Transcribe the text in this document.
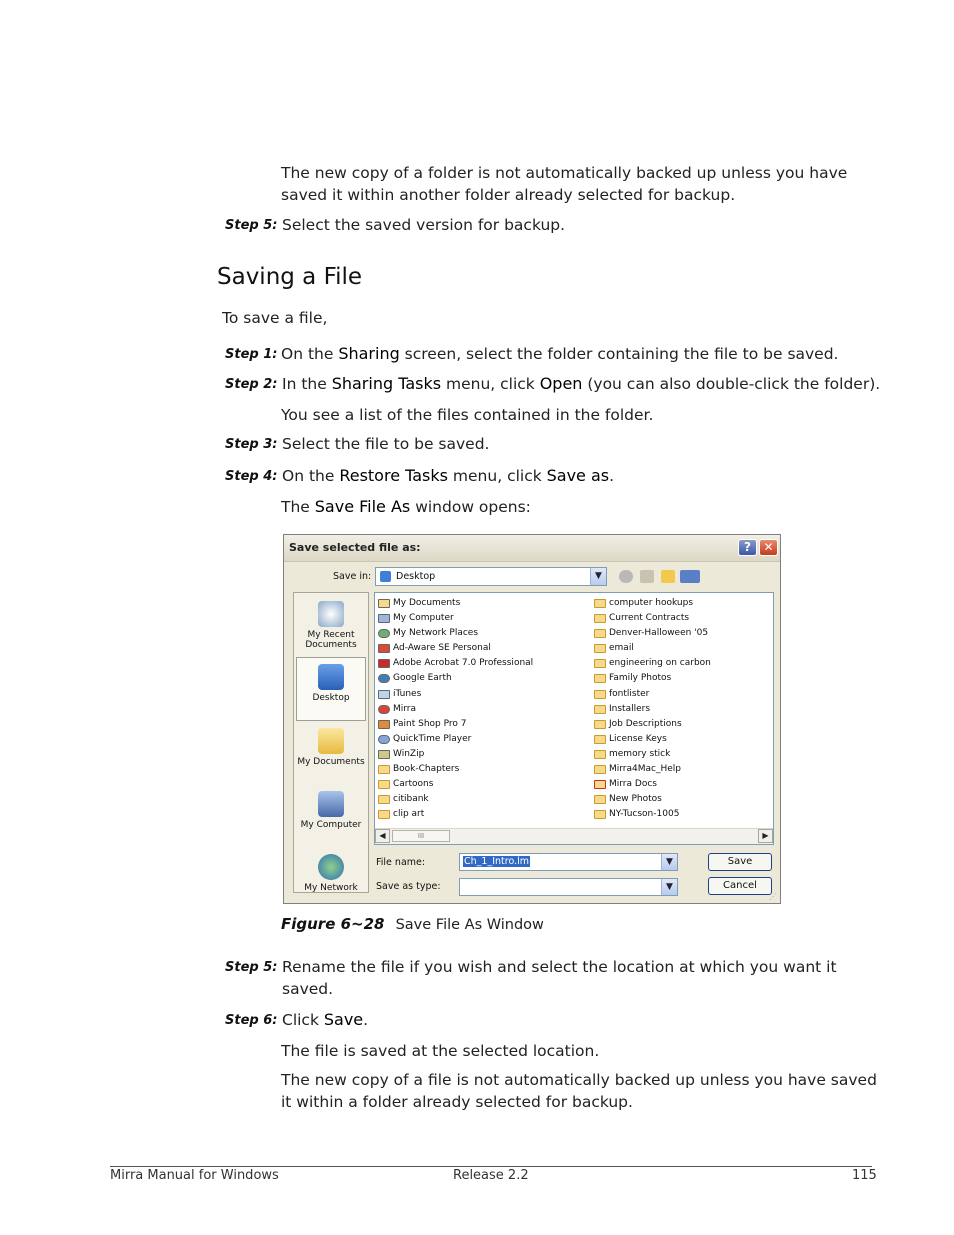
The new copy of a folder is not automatically backed up unless you have
saved it within another folder already selected for backup.
Step 5: Select the saved version for backup.
Saving a File
To save a file,
Step 1: On the Sharing screen, select the folder containing the file to be saved.
Step 2: In the Sharing Tasks menu, click Open (you can also double-click the folder).
You see a list of the files contained in the folder.
Step 3: Select the file to be saved.
Step 4: On the Restore Tasks menu, click Save as.
The Save File As window opens:
Save selected file as:	?	✕
Save in:	Desktop	▼
My Recent Documents
Desktop
My Documents
My Computer
My Network
My Documents
My Computer
My Network Places
Ad-Aware SE Personal
Adobe Acrobat 7.0 Professional
Google Earth
iTunes
Mirra
Paint Shop Pro 7
QuickTime Player
WinZip
Book-Chapters
Cartoons
citibank
clip art
computer hookups
Current Contracts
Denver-Halloween '05
email
engineering on carbon
Family Photos
fontlister
Installers
Job Descriptions
License Keys
memory stick
Mirra4Mac_Help
Mirra Docs
New Photos
NY-Tucson-1005
◀	III	▶
File name:	Ch_1_Intro.lm	▼
Save as type:	▼
Save
Cancel
⋰
Figure 6~28 Save File As Window
Step 5: Rename the file if you wish and select the location at which you want it
saved.
Step 6: Click Save.
The file is saved at the selected location.
The new copy of a file is not automatically backed up unless you have saved
it within a folder already selected for backup.
Mirra Manual for Windows	Release 2.2	115
